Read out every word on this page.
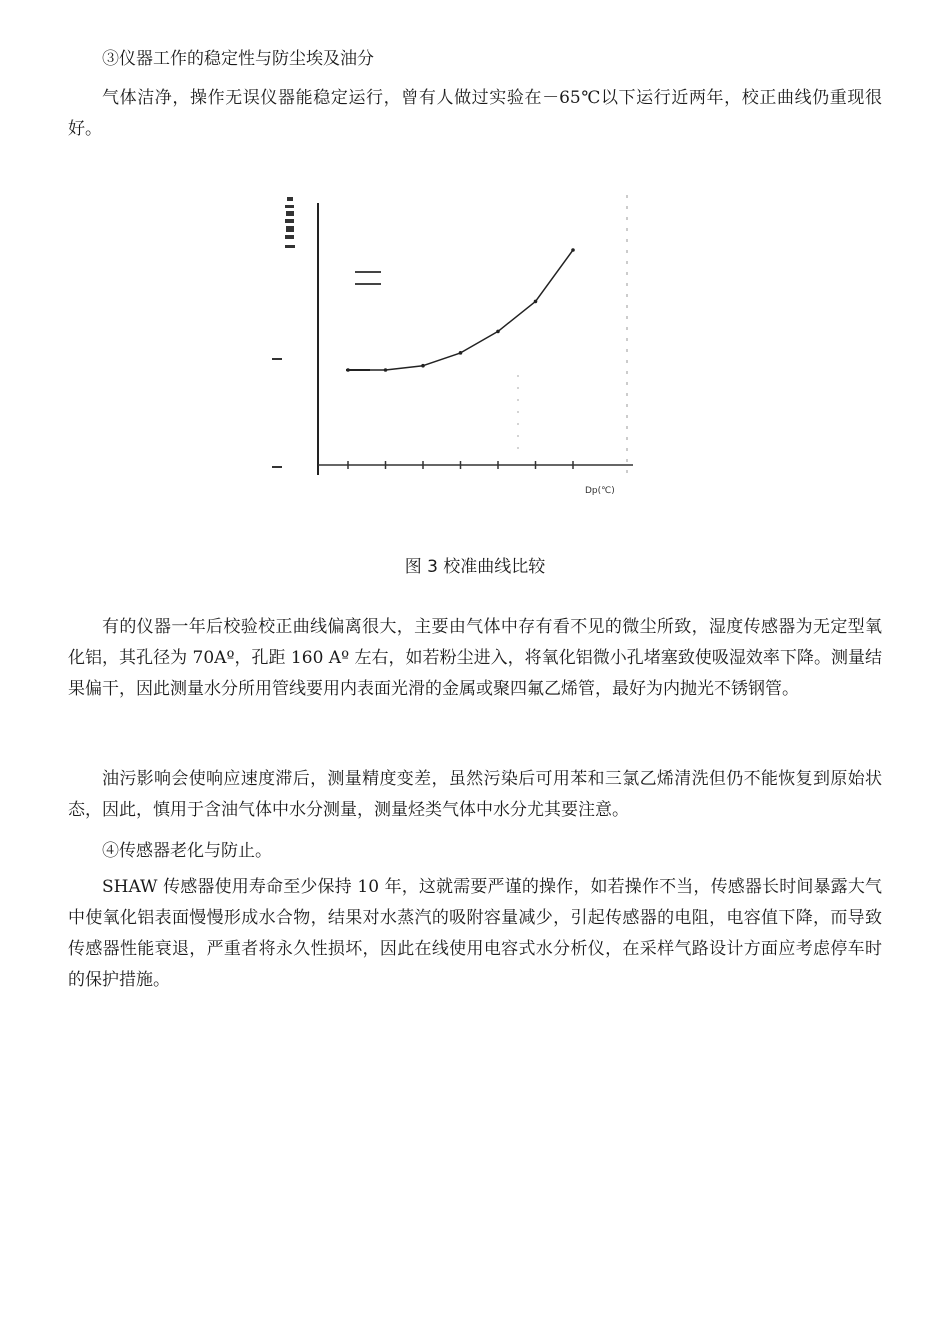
③仪器工作的稳定性与防尘埃及油分

气体洁净，操作无误仪器能稳定运行，曾有人做过实验在－65℃以下运行近两年，校正曲线仍重现很好。

Dp(℃)
图 3 校准曲线比较

有的仪器一年后校验校正曲线偏离很大，主要由气体中存有看不见的微尘所致，湿度传感器为无定型氧化铝，其孔径为 70Aº，孔距 160 Aº 左右，如若粉尘进入，将氧化铝微小孔堵塞致使吸湿效率下降。测量结果偏干，因此测量水分所用管线要用内表面光滑的金属或聚四氟乙烯管，最好为内抛光不锈钢管。

油污影响会使响应速度滞后，测量精度变差，虽然污染后可用苯和三氯乙烯清洗但仍不能恢复到原始状态，因此，慎用于含油气体中水分测量，测量烃类气体中水分尤其要注意。

④传感器老化与防止。

SHAW 传感器使用寿命至少保持 10 年，这就需要严谨的操作，如若操作不当，传感器长时间暴露大气中使氧化铝表面慢慢形成水合物，结果对水蒸汽的吸附容量减少，引起传感器的电阻，电容值下降，而导致传感器性能衰退，严重者将永久性损坏，因此在线使用电容式水分析仪，在采样气路设计方面应考虑停车时的保护措施。
